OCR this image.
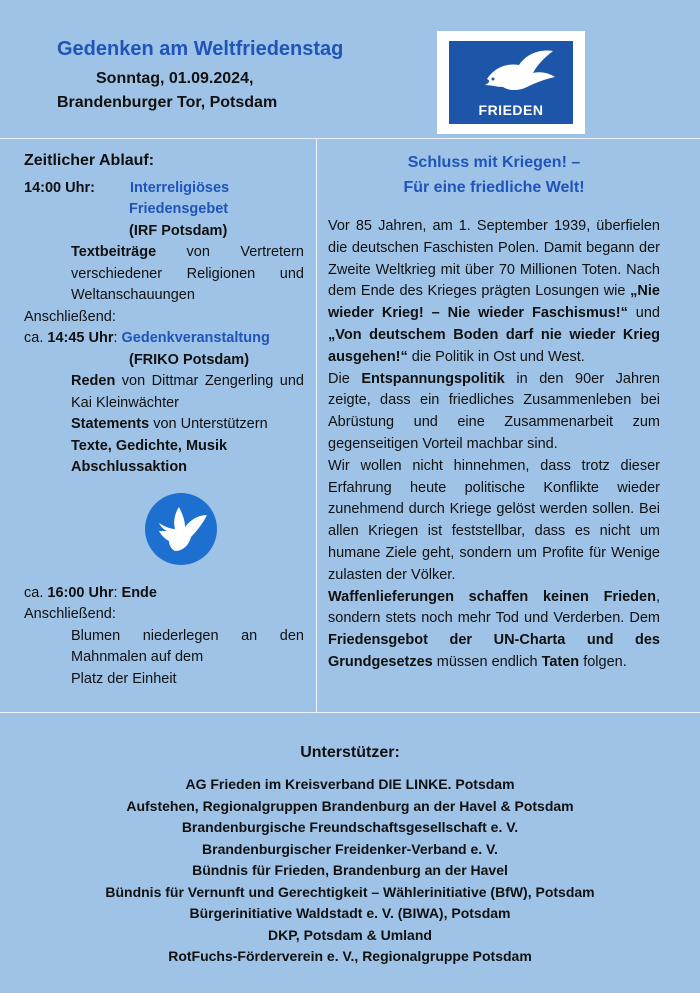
Gedenken am Weltfriedenstag
Sonntag, 01.09.2024,
Brandenburger Tor, Potsdam	FRIEDEN
Zeitlicher Ablauf:
14:00 Uhr: Interreligiöses
Friedensgebet
(IRF Potsdam)
Textbeiträge von Vertretern verschiedener Religionen und Weltanschauungen
Anschließend:
ca. 14:45 Uhr: Gedenkveranstaltung
(FRIKO Potsdam)
Reden von Dittmar Zengerling und Kai Kleinwächter
Statements von Unterstützern
Texte, Gedichte, Musik
Abschlussaktion
ca. 16:00 Uhr: Ende
Anschließend:
Blumen niederlegen an den Mahnmalen auf dem
Platz der Einheit
Schluss mit Kriegen! –
Für eine friedliche Welt!

Vor 85 Jahren, am 1. September 1939, überfielen die deutschen Faschisten Polen. Damit begann der Zweite Weltkrieg mit über 70 Millionen Toten. Nach dem Ende des Krieges prägten Losungen wie „Nie wieder Krieg! – Nie wieder Faschismus!“ und „Von deutschem Boden darf nie wieder Krieg ausgehen!“ die Politik in Ost und West.

Die Entspannungspolitik in den 90er Jahren zeigte, dass ein friedliches Zusammenleben bei Abrüstung und eine Zusammenarbeit zum gegenseitigen Vorteil machbar sind.

Wir wollen nicht hinnehmen, dass trotz dieser Erfahrung heute politische Konflikte wieder zunehmend durch Kriege gelöst werden sollen. Bei allen Kriegen ist feststellbar, dass es nicht um humane Ziele geht, sondern um Profite für Wenige zulasten der Völker.

Waffenlieferungen schaffen keinen Frieden, sondern stets noch mehr Tod und Verderben. Dem Friedensgebot der UN-Charta und des Grundgesetzes müssen endlich Taten folgen.

Unterstützer:
AG Frieden im Kreisverband DIE LINKE. Potsdam
Aufstehen, Regionalgruppen Brandenburg an der Havel & Potsdam
Brandenburgische Freundschaftsgesellschaft e. V.
Brandenburgischer Freidenker-Verband e. V.
Bündnis für Frieden, Brandenburg an der Havel
Bündnis für Vernunft und Gerechtigkeit – Wählerinitiative (BfW), Potsdam
Bürgerinitiative Waldstadt e. V. (BIWA), Potsdam
DKP, Potsdam & Umland
RotFuchs-Förderverein e. V., Regionalgruppe Potsdam
